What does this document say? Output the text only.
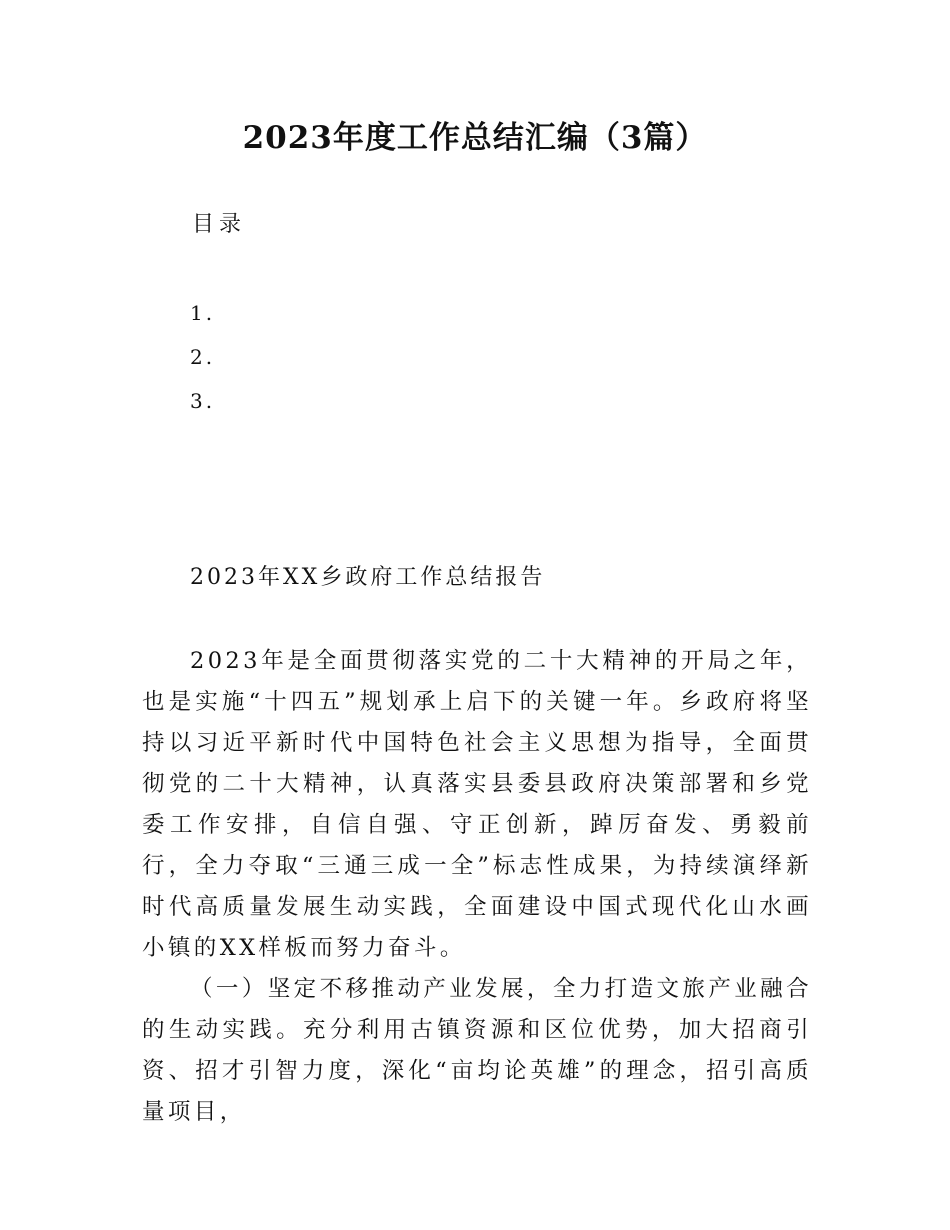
2023年度工作总结汇编（3篇）
目录
1.
2.
3.
2023年XX乡政府工作总结报告

2023年是全面贯彻落实党的二十大精神的开局之年，也是实施“十四五”规划承上启下的关键一年。乡政府将坚持以习近平新时代中国特色社会主义思想为指导，全面贯彻党的二十大精神，认真落实县委县政府决策部署和乡党委工作安排，自信自强、守正创新，踔厉奋发、勇毅前行，全力夺取“三通三成一全”标志性成果，为持续演绎新时代高质量发展生动实践，全面建设中国式现代化山水画小镇的XX样板而努力奋斗。

（一）坚定不移推动产业发展，全力打造文旅产业融合的生动实践。充分利用古镇资源和区位优势，加大招商引资、招才引智力度，深化“亩均论英雄”的理念，招引高质量项目，
